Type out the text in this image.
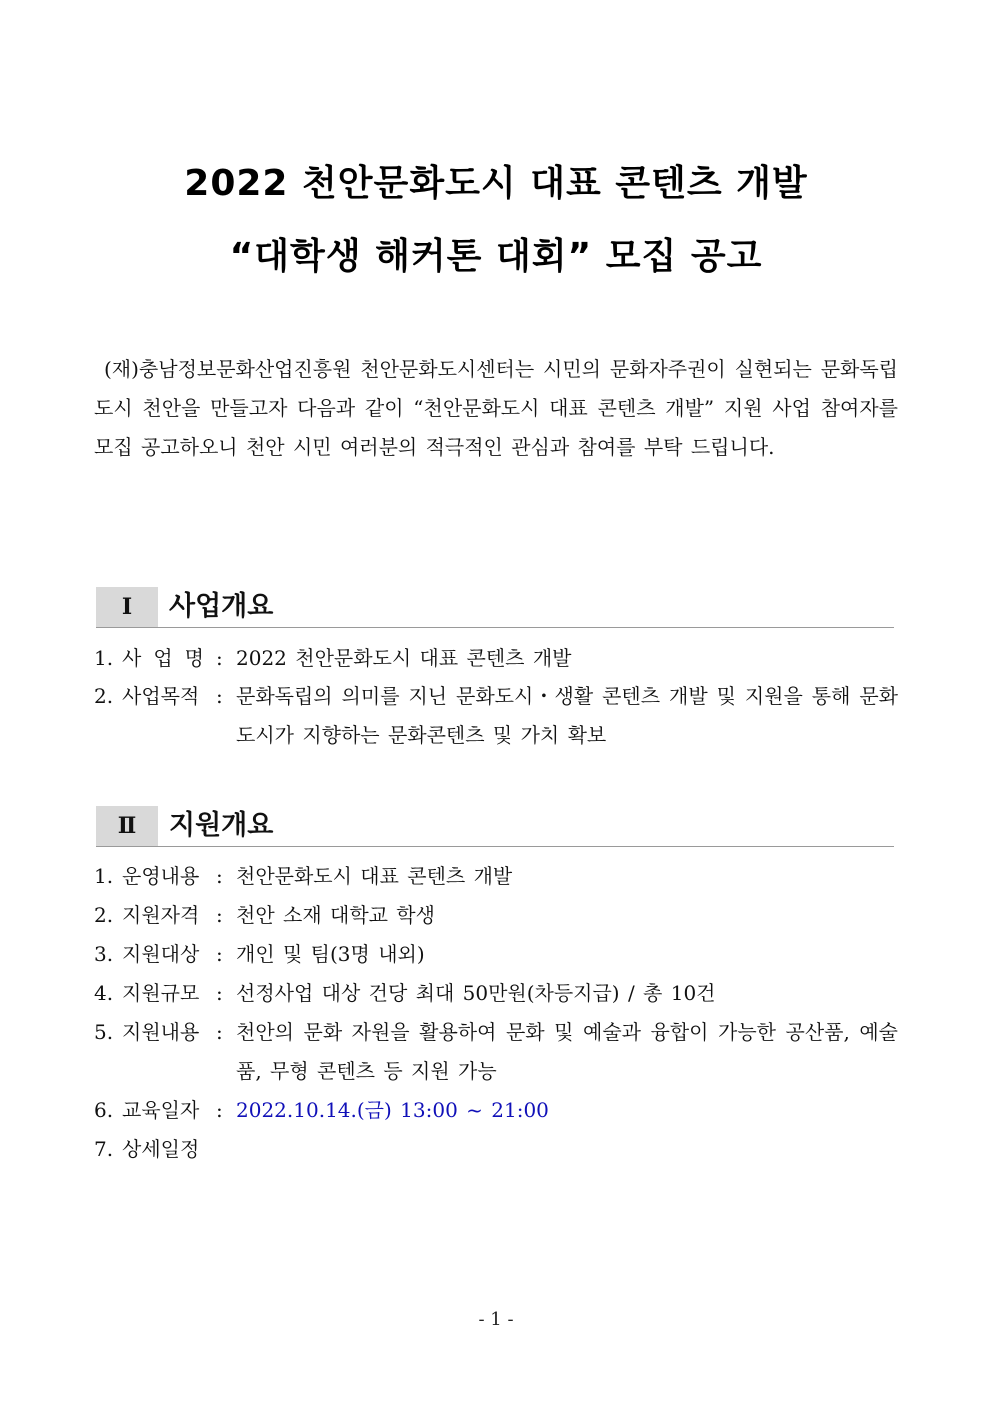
2022 천안문화도시 대표 콘텐츠 개발
“대학생 해커톤 대회” 모집 공고

(재)충남정보문화산업진흥원 천안문화도시센터는 시민의 문화자주권이 실현되는 문화독립도시 천안을 만들고자 다음과 같이 “천안문화도시 대표 콘텐츠 개발” 지원 사업 참여자를 모집 공고하오니 천안 시민 여러분의 적극적인 관심과 참여를 부탁 드립니다.

Ⅰ	사업개요
1. 사업명 : 2022 천안문화도시 대표 콘텐츠 개발
2. 사업목적 : 문화독립의 의미를 지닌 문화도시・생활 콘텐츠 개발 및 지원을 통해 문화도시가 지향하는 문화콘텐츠 및 가치 확보
Ⅱ	지원개요
1. 운영내용 : 천안문화도시 대표 콘텐츠 개발
2. 지원자격 : 천안 소재 대학교 학생
3. 지원대상 : 개인 및 팀(3명 내외)
4. 지원규모 : 선정사업 대상 건당 최대 50만원(차등지급) / 총 10건
5. 지원내용 : 천안의 문화 자원을 활용하여 문화 및 예술과 융합이 가능한 공산품, 예술품, 무형 콘텐츠 등 지원 가능
6. 교육일자 : 2022.10.14.(금) 13:00 ~ 21:00
7. 상세일정
- 1 -
